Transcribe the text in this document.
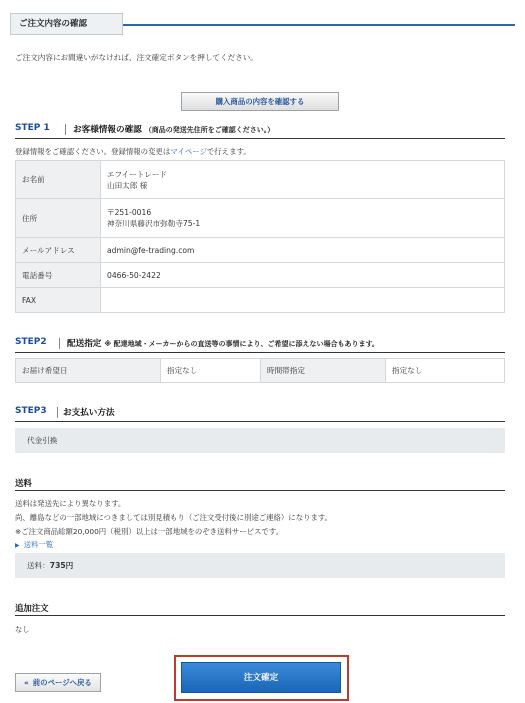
ご注文内容の確認
ご注文内容にお間違いがなければ、注文確定ボタンを押してください。
購入商品の内容を確認する
STEP 1	お客様情報の確認 （商品の発送先住所をご確認ください。）
登録情報をご確認ください。登録情報の変更はマイページで行えます。
お名前	エフイートレード
山田太郎 様

住所	〒251-0016
神奈川県藤沢市弥勒寺75-1

メールアドレス	admin@fe-trading.com
電話番号	0466-50-2422
FAX	
STEP2 配送指定 ※ 配達地域・メーカーからの直送等の事情により、ご希望に添えない場合もあります。
お届け希望日	指定なし	時間帯指定	指定なし
STEP3 お支払い方法
代金引換
送料
送料は発送先により異なります。
尚、離島などの一部地域につきましては別見積もり（ご注文受付後に別途ご連絡）になります。
※ご注文商品総額20,000円（税別）以上は一部地域をのぞき送料サービスです。
▶ 送料一覧
送料：735円
追加注文
なし
« 前のページへ戻る	注文確定
